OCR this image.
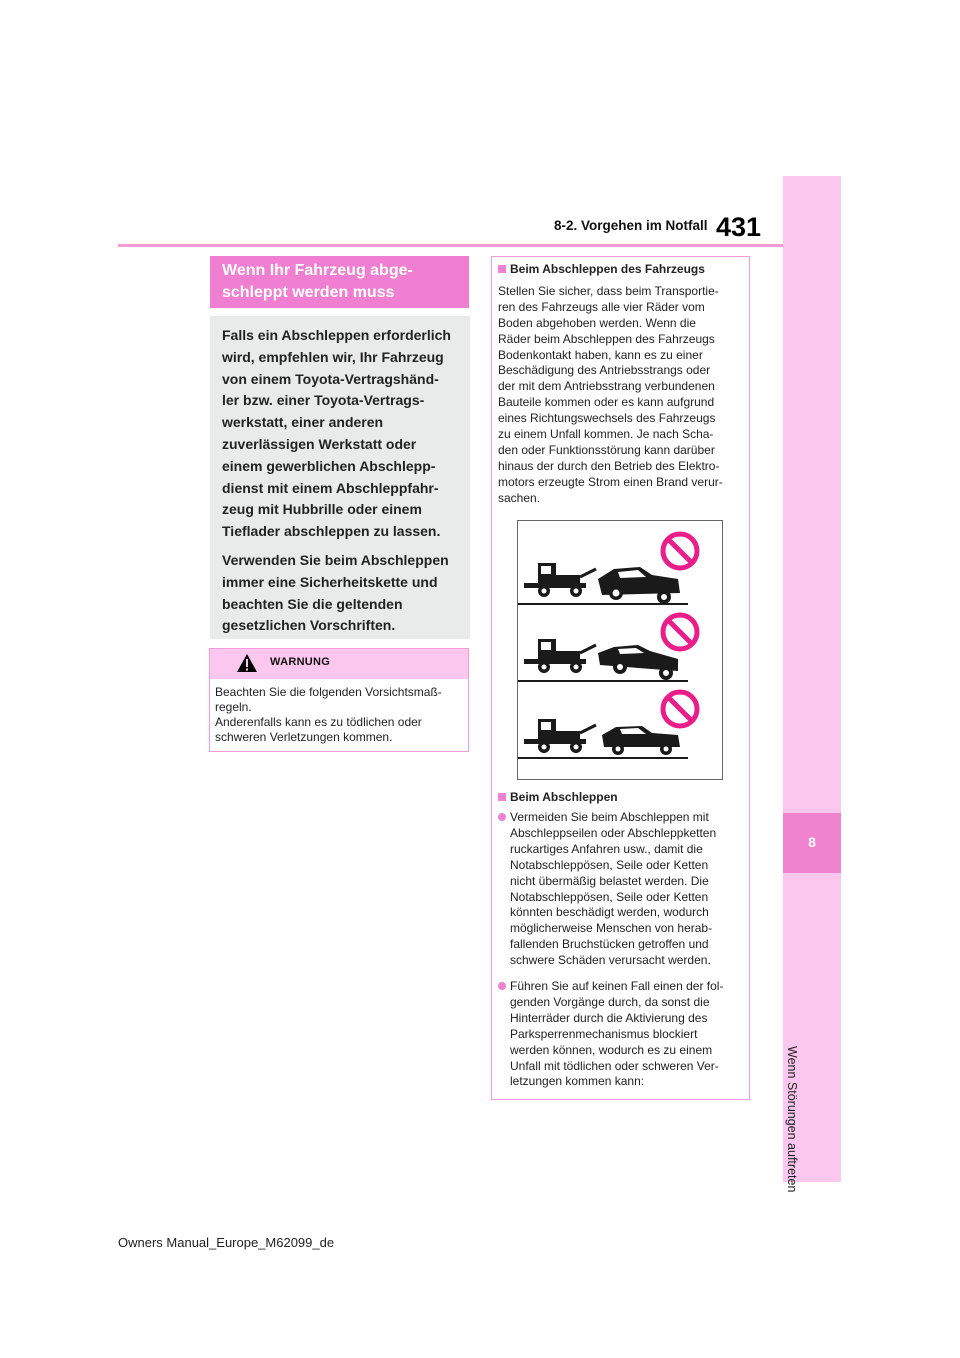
431
8-2. Vorgehen im Notfall
8
Wenn Störungen auftreten
Wenn Ihr Fahrzeug abge-
schleppt werden muss

Falls ein Abschleppen erforderlich
wird, empfehlen wir, Ihr Fahrzeug
von einem Toyota-Vertragshänd-
ler bzw. einer Toyota-Vertrags-
werkstatt, einer anderen
zuverlässigen Werkstatt oder
einem gewerblichen Abschlepp-
dienst mit einem Abschleppfahr-
zeug mit Hubbrille oder einem
Tieflader abschleppen zu lassen.

Verwenden Sie beim Abschleppen
immer eine Sicherheitskette und
beachten Sie die geltenden
gesetzlichen Vorschriften.

WARNUNG
Beachten Sie die folgenden Vorsichtsmaß-
regeln.
Anderenfalls kann es zu tödlichen oder
schweren Verletzungen kommen.
Beim Abschleppen des Fahrzeugs
Stellen Sie sicher, dass beim Transportie-
ren des Fahrzeugs alle vier Räder vom
Boden abgehoben werden. Wenn die
Räder beim Abschleppen des Fahrzeugs
Bodenkontakt haben, kann es zu einer
Beschädigung des Antriebsstrangs oder
der mit dem Antriebsstrang verbundenen
Bauteile kommen oder es kann aufgrund
eines Richtungswechsels des Fahrzeugs
zu einem Unfall kommen. Je nach Scha-
den oder Funktionsstörung kann darüber
hinaus der durch den Betrieb des Elektro-
motors erzeugte Strom einen Brand verur-
sachen.
Beim Abschleppen
Vermeiden Sie beim Abschleppen mit
Abschleppseilen oder Abschleppketten
ruckartiges Anfahren usw., damit die
Notabschleppösen, Seile oder Ketten
nicht übermäßig belastet werden. Die
Notabschleppösen, Seile oder Ketten
könnten beschädigt werden, wodurch
möglicherweise Menschen von herab-
fallenden Bruchstücken getroffen und
schwere Schäden verursacht werden.
Führen Sie auf keinen Fall einen der fol-
genden Vorgänge durch, da sonst die
Hinterräder durch die Aktivierung des
Parksperrenmechanismus blockiert
werden können, wodurch es zu einem
Unfall mit tödlichen oder schweren Ver-
letzungen kommen kann:
Owners Manual_Europe_M62099_de
